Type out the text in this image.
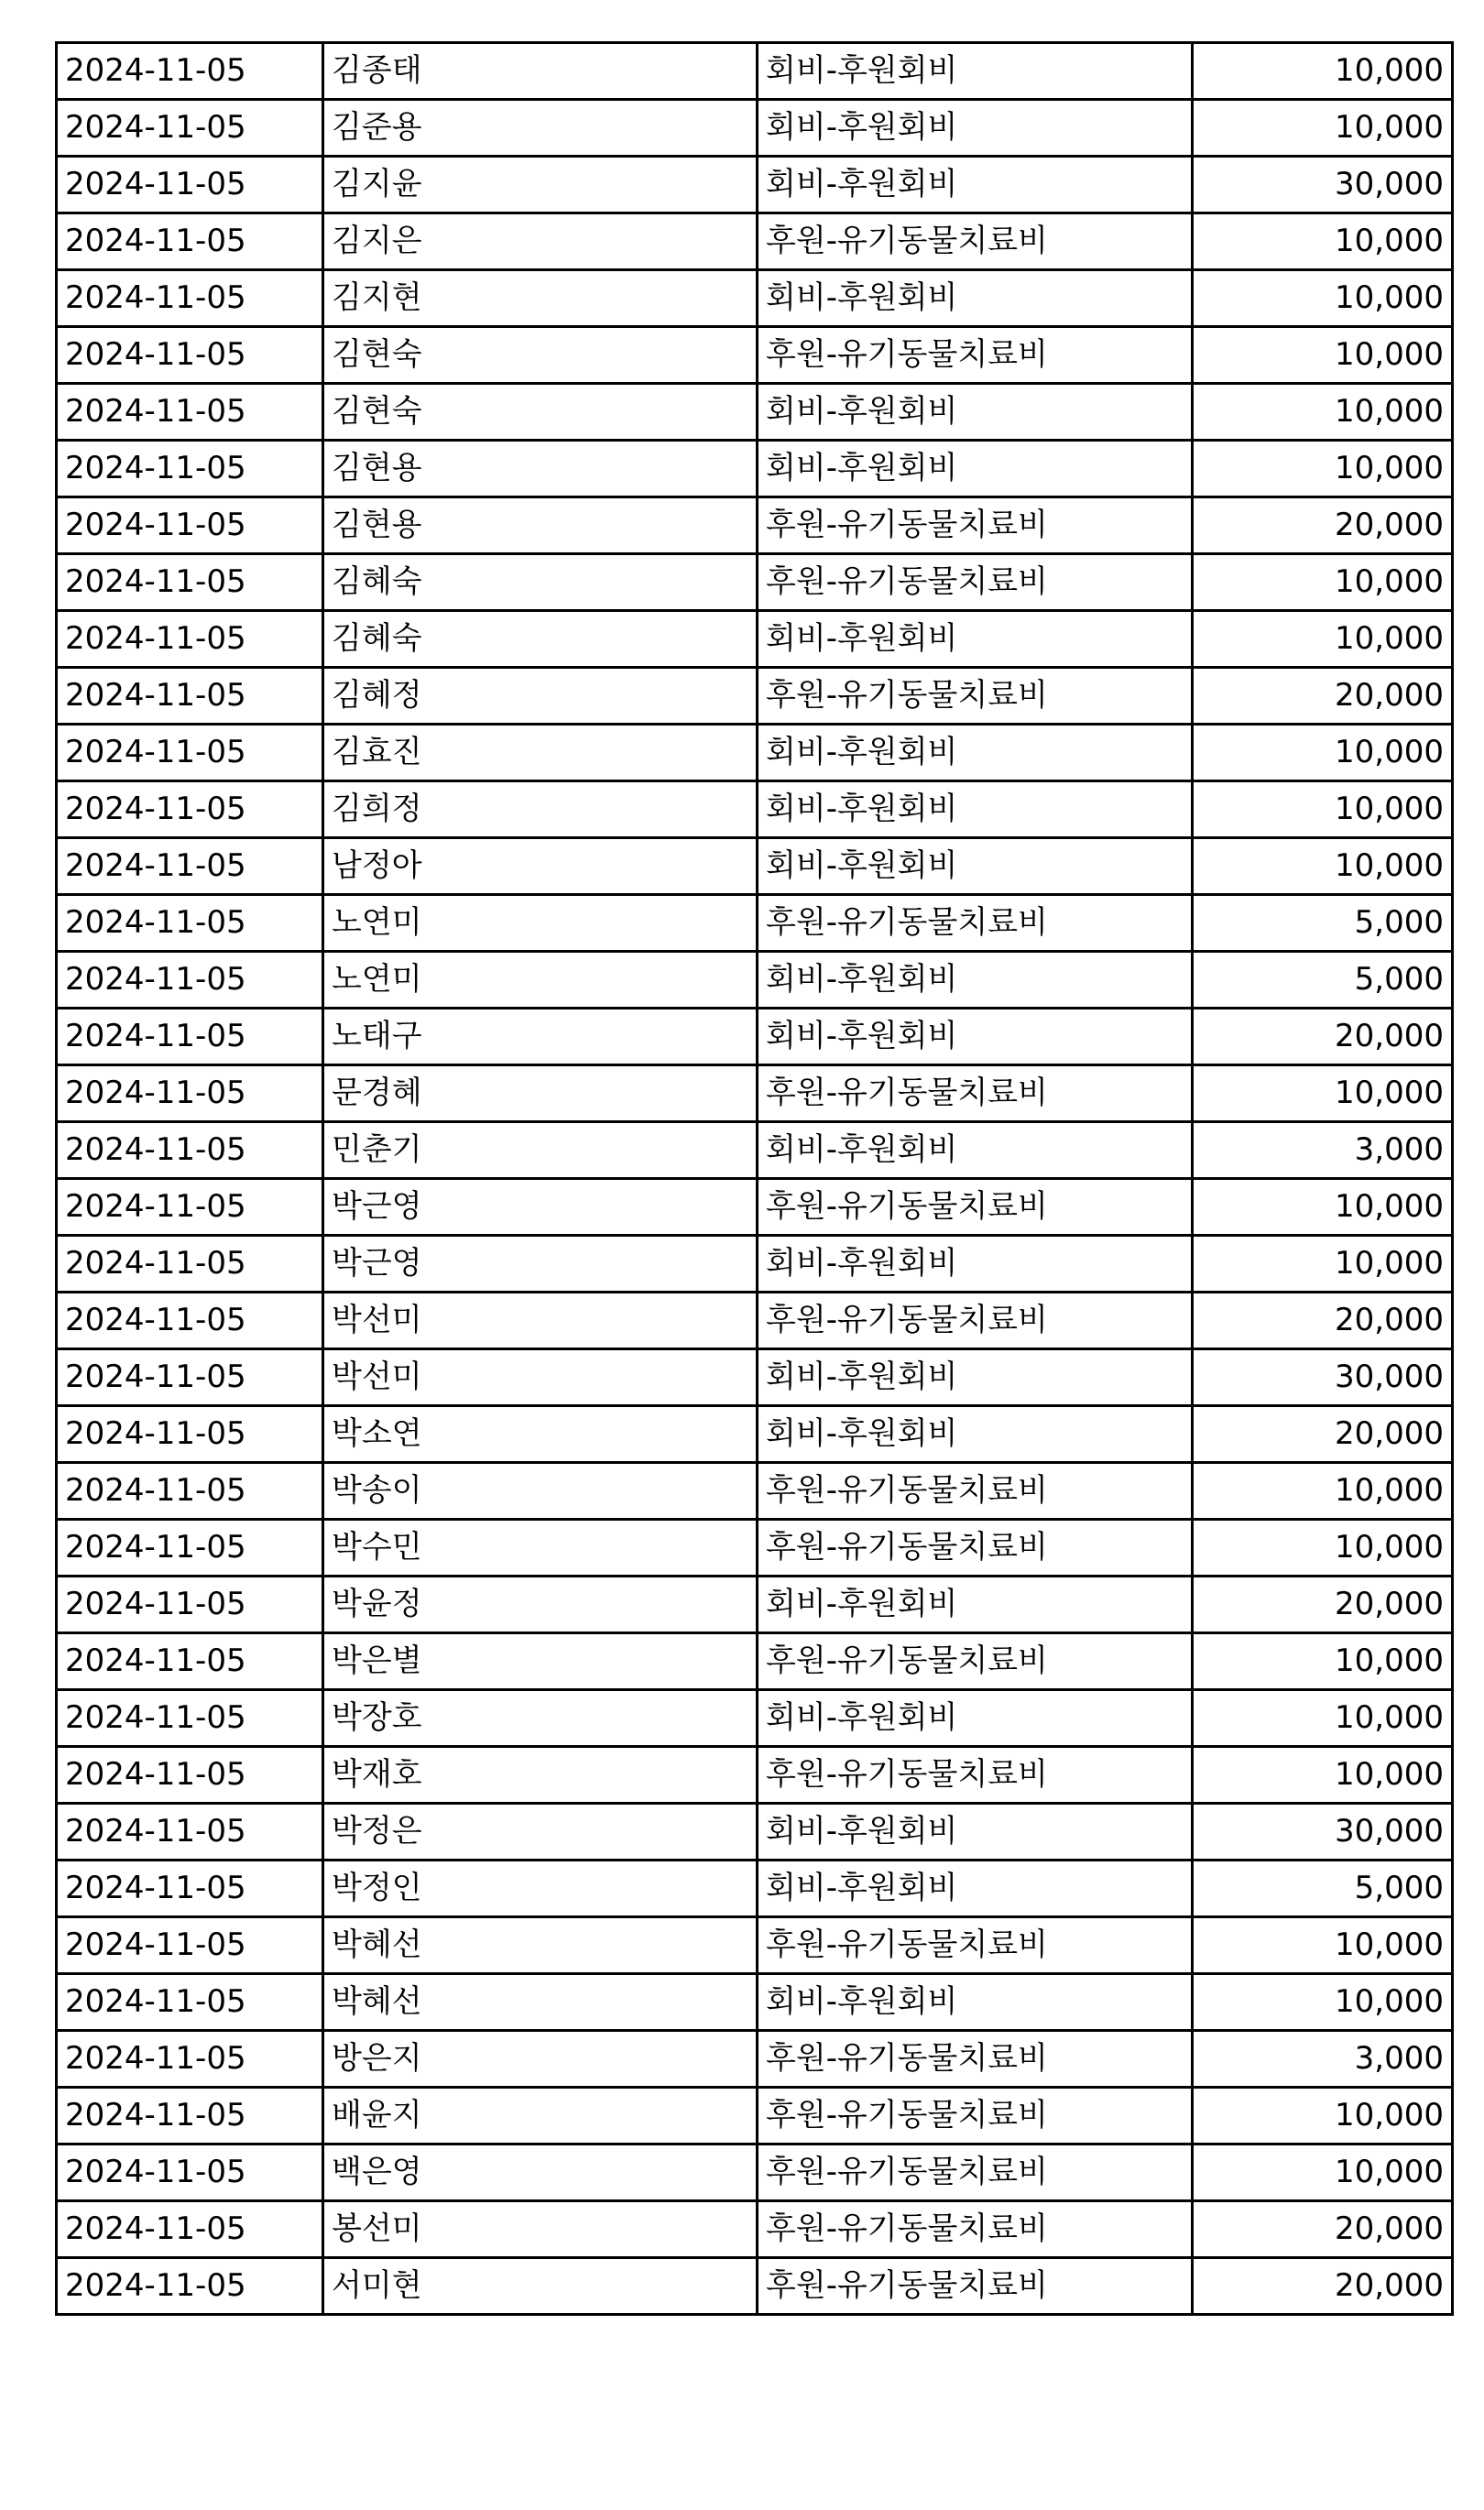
2024-11-05	김종태	회비-후원회비	10,000
2024-11-05	김준용	회비-후원회비	10,000
2024-11-05	김지윤	회비-후원회비	30,000
2024-11-05	김지은	후원-유기동물치료비	10,000
2024-11-05	김지현	회비-후원회비	10,000
2024-11-05	김현숙	후원-유기동물치료비	10,000
2024-11-05	김현숙	회비-후원회비	10,000
2024-11-05	김현용	회비-후원회비	10,000
2024-11-05	김현용	후원-유기동물치료비	20,000
2024-11-05	김혜숙	후원-유기동물치료비	10,000
2024-11-05	김혜숙	회비-후원회비	10,000
2024-11-05	김혜정	후원-유기동물치료비	20,000
2024-11-05	김효진	회비-후원회비	10,000
2024-11-05	김희정	회비-후원회비	10,000
2024-11-05	남정아	회비-후원회비	10,000
2024-11-05	노연미	후원-유기동물치료비	5,000
2024-11-05	노연미	회비-후원회비	5,000
2024-11-05	노태구	회비-후원회비	20,000
2024-11-05	문경혜	후원-유기동물치료비	10,000
2024-11-05	민춘기	회비-후원회비	3,000
2024-11-05	박근영	후원-유기동물치료비	10,000
2024-11-05	박근영	회비-후원회비	10,000
2024-11-05	박선미	후원-유기동물치료비	20,000
2024-11-05	박선미	회비-후원회비	30,000
2024-11-05	박소연	회비-후원회비	20,000
2024-11-05	박송이	후원-유기동물치료비	10,000
2024-11-05	박수민	후원-유기동물치료비	10,000
2024-11-05	박윤정	회비-후원회비	20,000
2024-11-05	박은별	후원-유기동물치료비	10,000
2024-11-05	박장호	회비-후원회비	10,000
2024-11-05	박재호	후원-유기동물치료비	10,000
2024-11-05	박정은	회비-후원회비	30,000
2024-11-05	박정인	회비-후원회비	5,000
2024-11-05	박혜선	후원-유기동물치료비	10,000
2024-11-05	박혜선	회비-후원회비	10,000
2024-11-05	방은지	후원-유기동물치료비	3,000
2024-11-05	배윤지	후원-유기동물치료비	10,000
2024-11-05	백은영	후원-유기동물치료비	10,000
2024-11-05	봉선미	후원-유기동물치료비	20,000
2024-11-05	서미현	후원-유기동물치료비	20,000
